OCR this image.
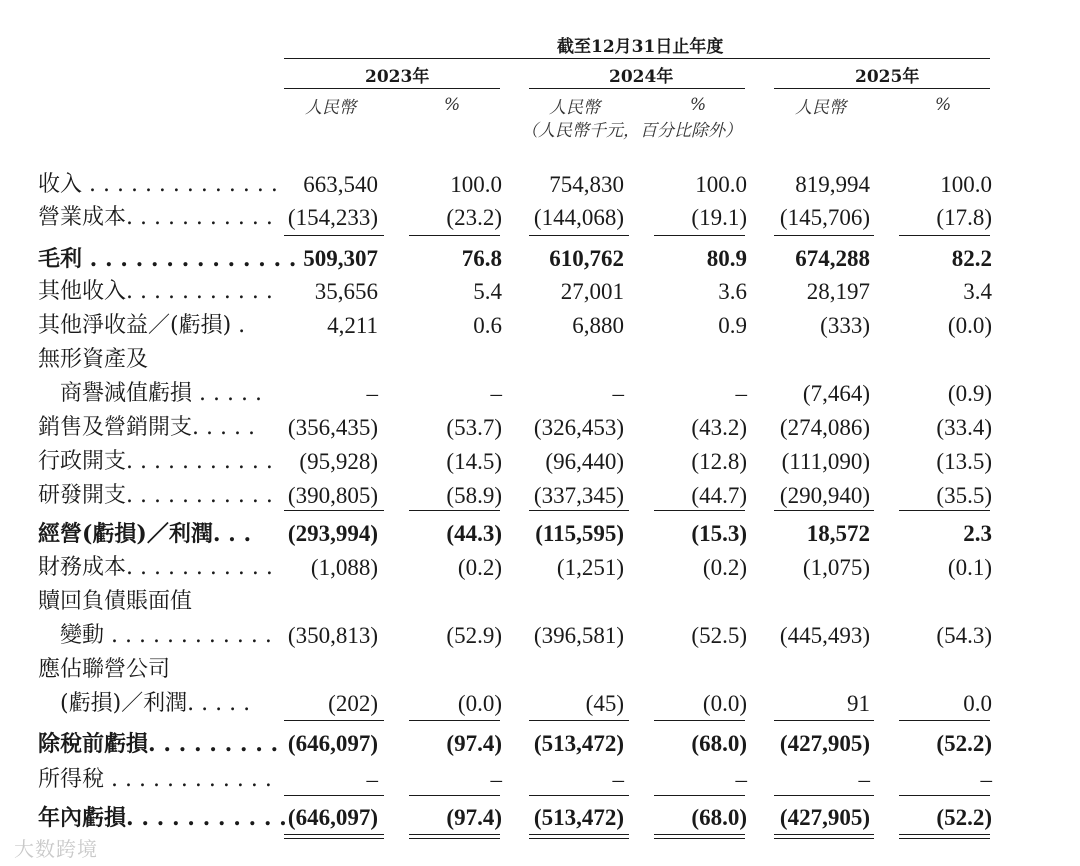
截至12月31日止年度
2023年	2024年	2025年
人民幣	%	人民幣	%	人民幣	%
（人民幣千元，百分比除外）
收入 . . . . . . . . . . . . . . 663,540	100.0 754,830	100.0 819,994	100.0
營業成本. . . . . . . . . . . (154,233)	(23.2) (144,068)	(19.1) (145,706)	(17.8)
毛利 . . . . . . . . . . . . . . 509,307	76.8 610,762	80.9 674,288	82.2
其他收入. . . . . . . . . . . 35,656	5.4	27,001	3.6	28,197	3.4
其他淨收益／(虧損) .	4,211	0.6	6,880	0.9	(333)	(0.0)
無形資產及
　商譽減值虧損 . . . . .	–	–	–	– (7,464)	(0.9)
銷售及營銷開支. . . . . (356,435)	(53.7) (326,453)	(43.2) (274,086)	(33.4)
行政開支. . . . . . . . . . . (95,928)	(14.5) (96,440)	(12.8) (111,090)	(13.5)
研發開支. . . . . . . . . . . (390,805)	(58.9) (337,345)	(44.7) (290,940)	(35.5)
經營(虧損)／利潤. . . (293,994)	(44.3) (115,595)	(15.3)	18,572	2.3
財務成本. . . . . . . . . . . (1,088)	(0.2) (1,251)	(0.2) (1,075)	(0.1)
贖回負債賬面值
　變動 . . . . . . . . . . . . (350,813)	(52.9) (396,581)	(52.5) (445,493)	(54.3)
應佔聯營公司
　(虧損)／利潤. . . . .	(202)	(0.0)	(45)	(0.0)	91	0.0
除稅前虧損. . . . . . . . . (646,097)	(97.4) (513,472)	(68.0) (427,905)	(52.2)
所得稅 . . . . . . . . . . . .	–	–	–	–	–	–
年內虧損. . . . . . . . . . . (646,097)	(97.4) (513,472)	(68.0) (427,905)	(52.2)
大数跨境
